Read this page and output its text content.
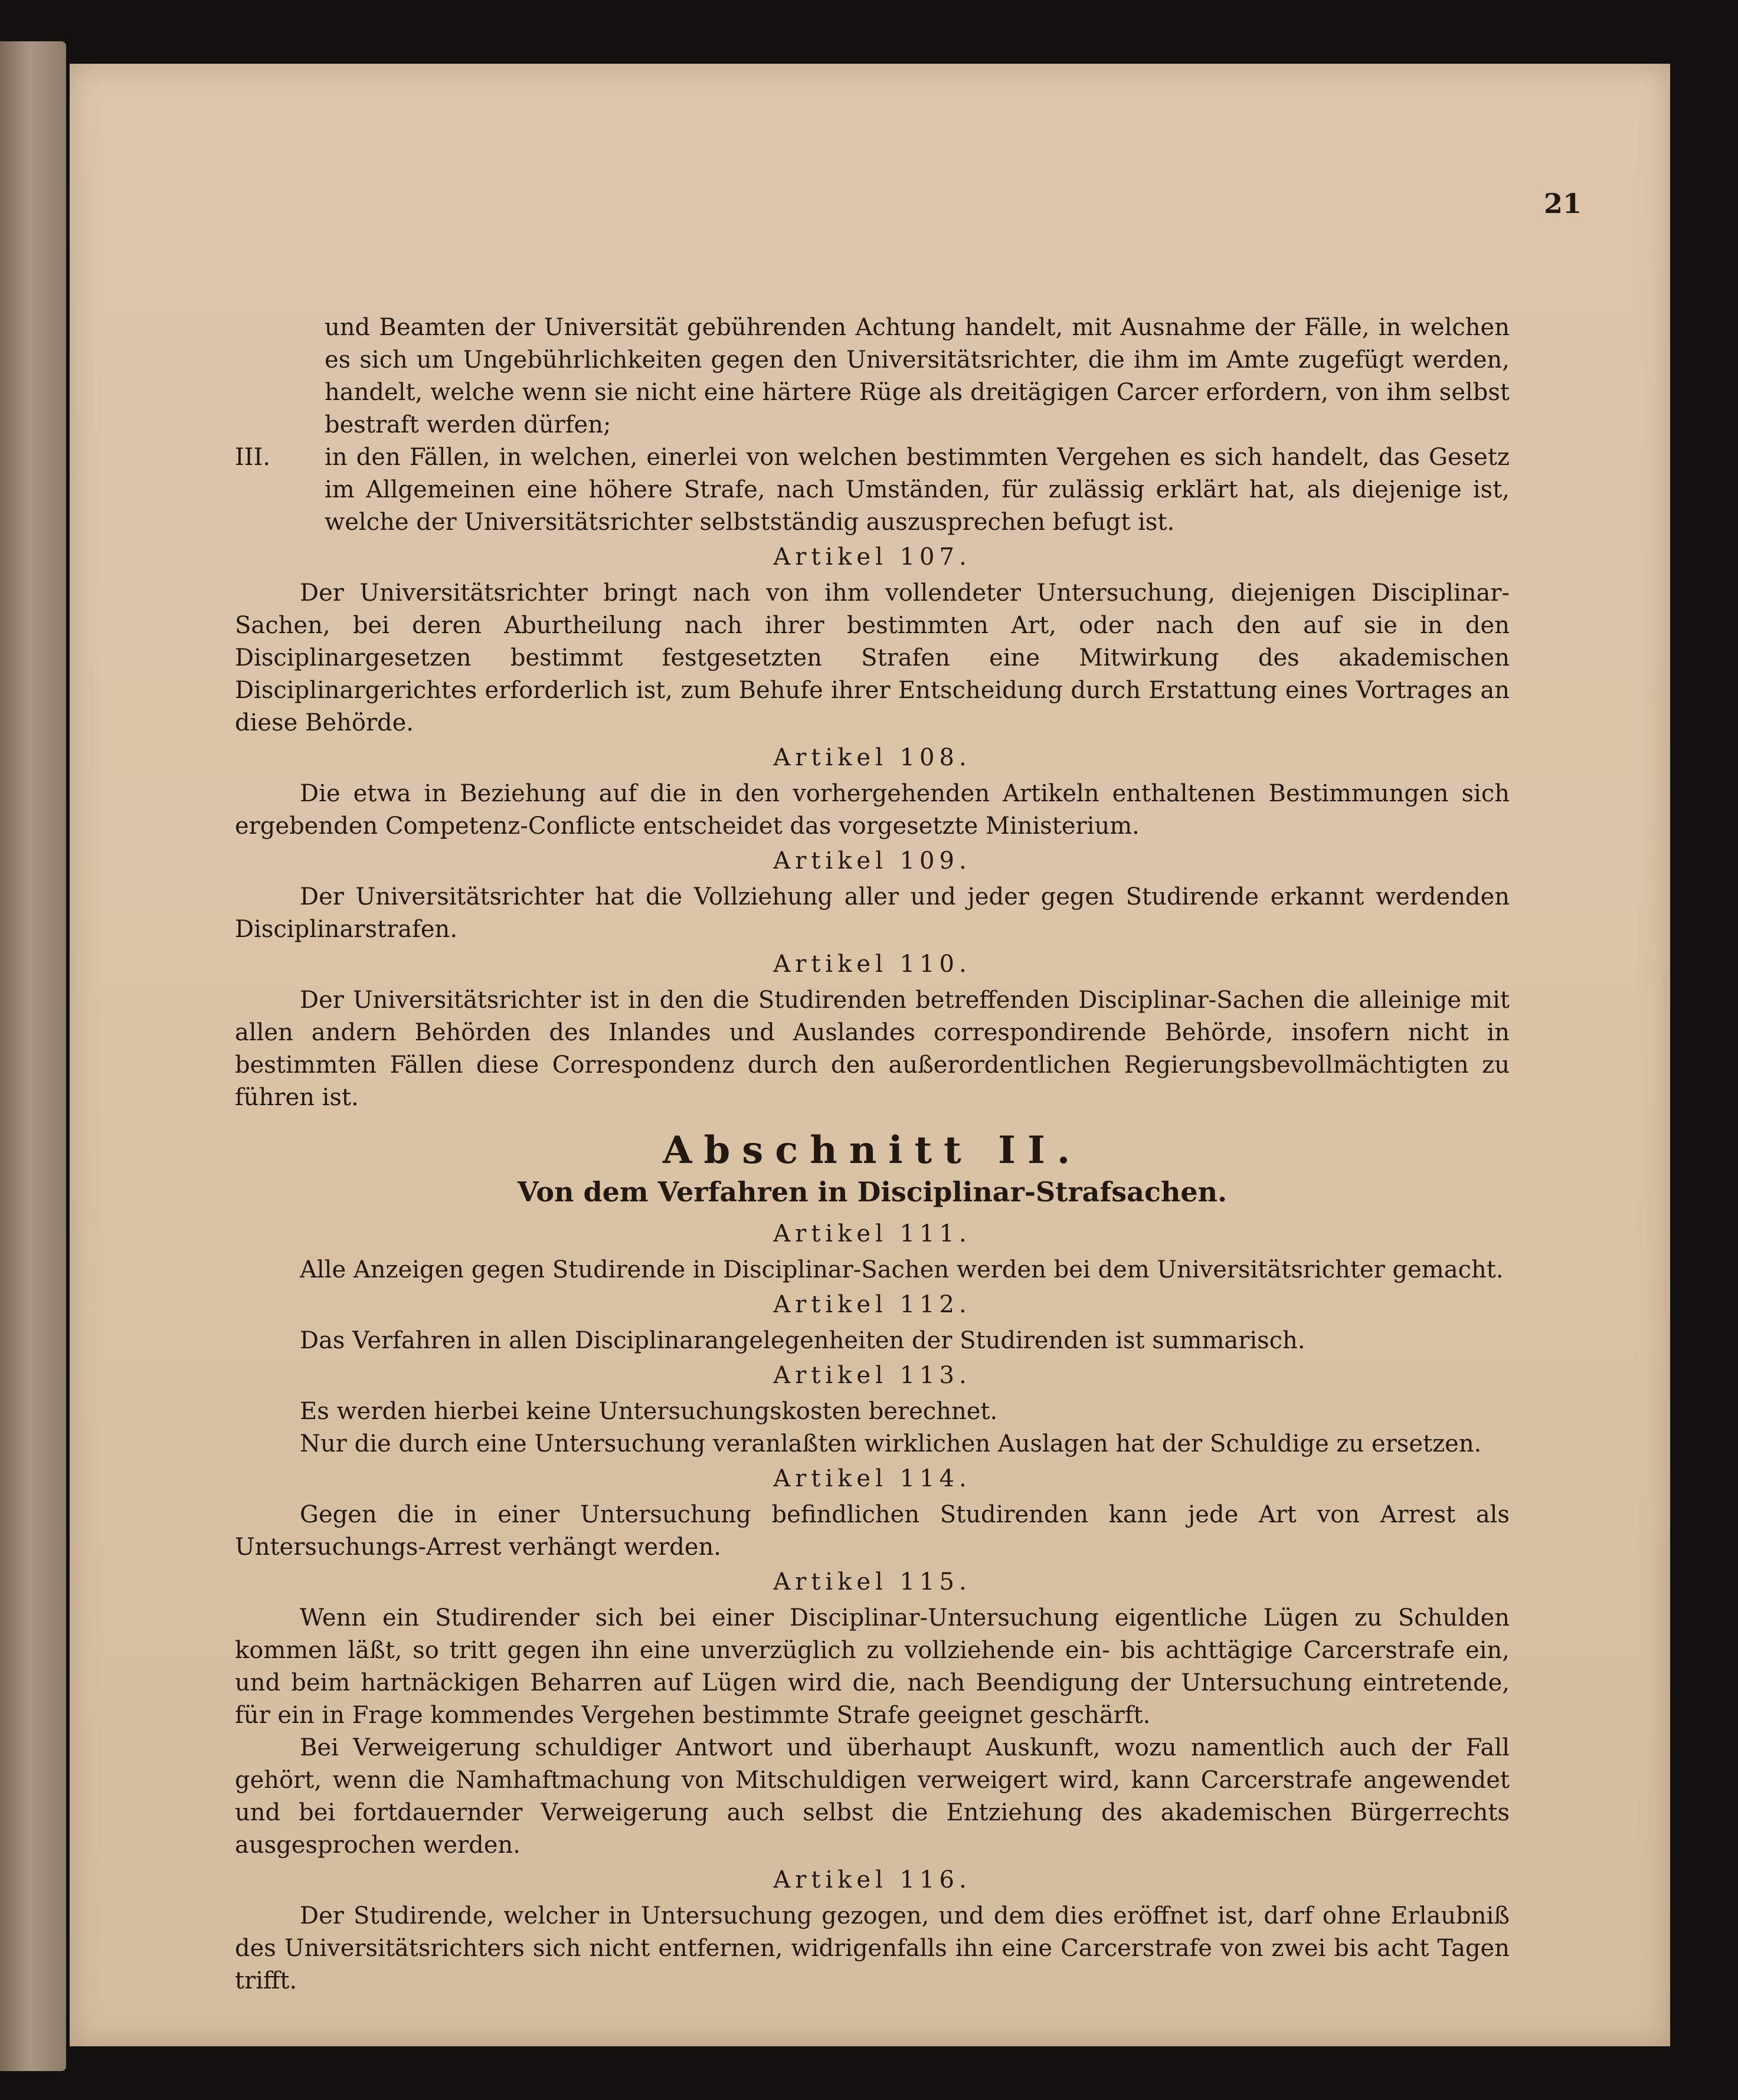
21

und Beamten der Universität gebührenden Achtung handelt, mit Ausnahme der Fälle, in welchen es sich um Ungebührlichkeiten gegen den Universitätsrichter, die ihm im Amte zugefügt werden, handelt, welche wenn sie nicht eine härtere Rüge als dreitägigen Carcer erfordern, von ihm selbst bestraft werden dürfen;

III.	in den Fällen, in welchen, einerlei von welchen bestimmten Vergehen es sich handelt, das Gesetz im Allgemeinen eine höhere Strafe, nach Umständen, für zulässig erklärt hat, als diejenige ist, welche der Universitätsrichter selbstständig auszusprechen befugt ist.

Artikel 107.

Der Universitätsrichter bringt nach von ihm vollendeter Untersuchung, diejenigen Disciplinar-Sachen, bei deren Aburtheilung nach ihrer bestimmten Art, oder nach den auf sie in den Disciplinargesetzen bestimmt festgesetzten Strafen eine Mitwirkung des akademischen Disciplinargerichtes erforderlich ist, zum Behufe ihrer Entscheidung durch Erstattung eines Vortrages an diese Behörde.

Artikel 108.

Die etwa in Beziehung auf die in den vorhergehenden Artikeln enthaltenen Bestimmungen sich ergebenden Competenz-Conflicte entscheidet das vorgesetzte Ministerium.

Artikel 109.

Der Universitätsrichter hat die Vollziehung aller und jeder gegen Studirende erkannt werdenden Disciplinarstrafen.

Artikel 110.

Der Universitätsrichter ist in den die Studirenden betreffenden Disciplinar-Sachen die alleinige mit allen andern Behörden des Inlandes und Auslandes correspondirende Behörde, insofern nicht in bestimmten Fällen diese Correspondenz durch den außerordentlichen Regierungsbevollmächtigten zu führen ist.

Abschnitt II.
Von dem Verfahren in Disciplinar-Strafsachen.
Artikel 111.

Alle Anzeigen gegen Studirende in Disciplinar-Sachen werden bei dem Universitätsrichter gemacht.

Artikel 112.

Das Verfahren in allen Disciplinarangelegenheiten der Studirenden ist summarisch.

Artikel 113.

Es werden hierbei keine Untersuchungskosten berechnet.

Nur die durch eine Untersuchung veranlaßten wirklichen Auslagen hat der Schuldige zu ersetzen.

Artikel 114.

Gegen die in einer Untersuchung befindlichen Studirenden kann jede Art von Arrest als Untersuchungs-Arrest verhängt werden.

Artikel 115.

Wenn ein Studirender sich bei einer Disciplinar-Untersuchung eigentliche Lügen zu Schulden kommen läßt, so tritt gegen ihn eine unverzüglich zu vollziehende ein- bis achttägige Carcerstrafe ein, und beim hartnäckigen Beharren auf Lügen wird die, nach Beendigung der Untersuchung eintretende, für ein in Frage kommendes Vergehen bestimmte Strafe geeignet geschärft.

Bei Verweigerung schuldiger Antwort und überhaupt Auskunft, wozu namentlich auch der Fall gehört, wenn die Namhaftmachung von Mitschuldigen verweigert wird, kann Carcerstrafe angewendet und bei fortdauernder Verweigerung auch selbst die Entziehung des akademischen Bürgerrechts ausgesprochen werden.

Artikel 116.

Der Studirende, welcher in Untersuchung gezogen, und dem dies eröffnet ist, darf ohne Erlaubniß des Universitätsrichters sich nicht entfernen, widrigenfalls ihn eine Carcerstrafe von zwei bis acht Tagen trifft.
